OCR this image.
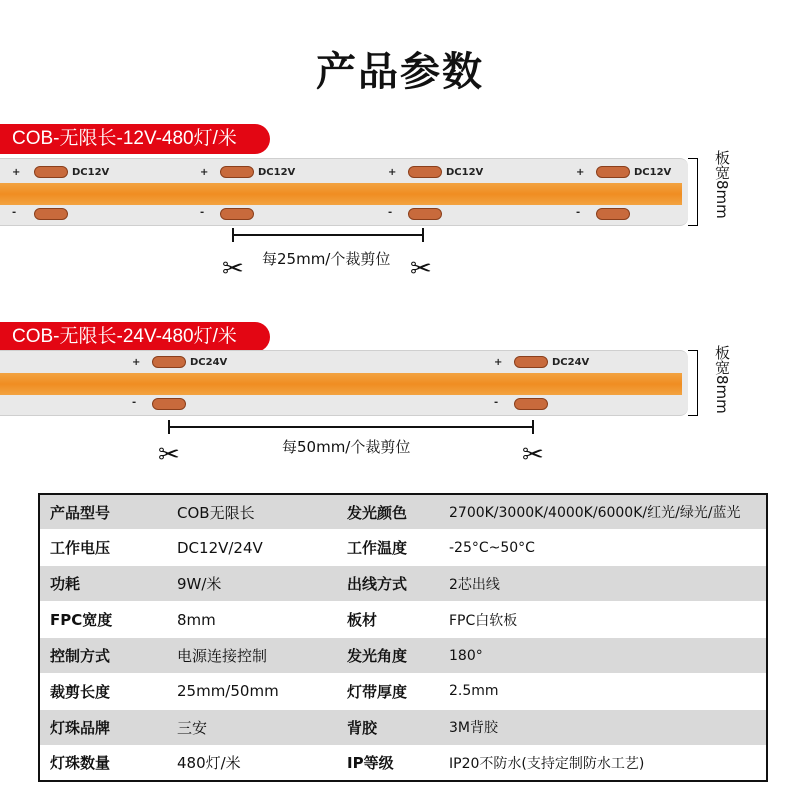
产品参数
COB-无限长-12V-480灯/米
+	DC12V
-
+	DC12V
-
+	DC12V
-
+	DC12V
-	板宽8mm
每25mm/个裁剪位
✂	✂
COB-无限长-24V-480灯/米
+	DC24V
-
+	DC24V
-	板宽8mm
每50mm/个裁剪位
✂	✂
产品型号	COB无限长	发光颜色	2700K/3000K/4000K/6000K/红光/绿光/蓝光
工作电压	DC12V/24V	工作温度	-25°C~50°C
功耗	9W/米	出线方式	2芯出线
FPC宽度	8mm	板材	FPC白软板
控制方式	电源连接控制	发光角度	180°
裁剪长度	25mm/50mm	灯带厚度	2.5mm
灯珠品牌	三安	背胶	3M背胶
灯珠数量	480灯/米	IP等级	IP20不防水(支持定制防水工艺)
